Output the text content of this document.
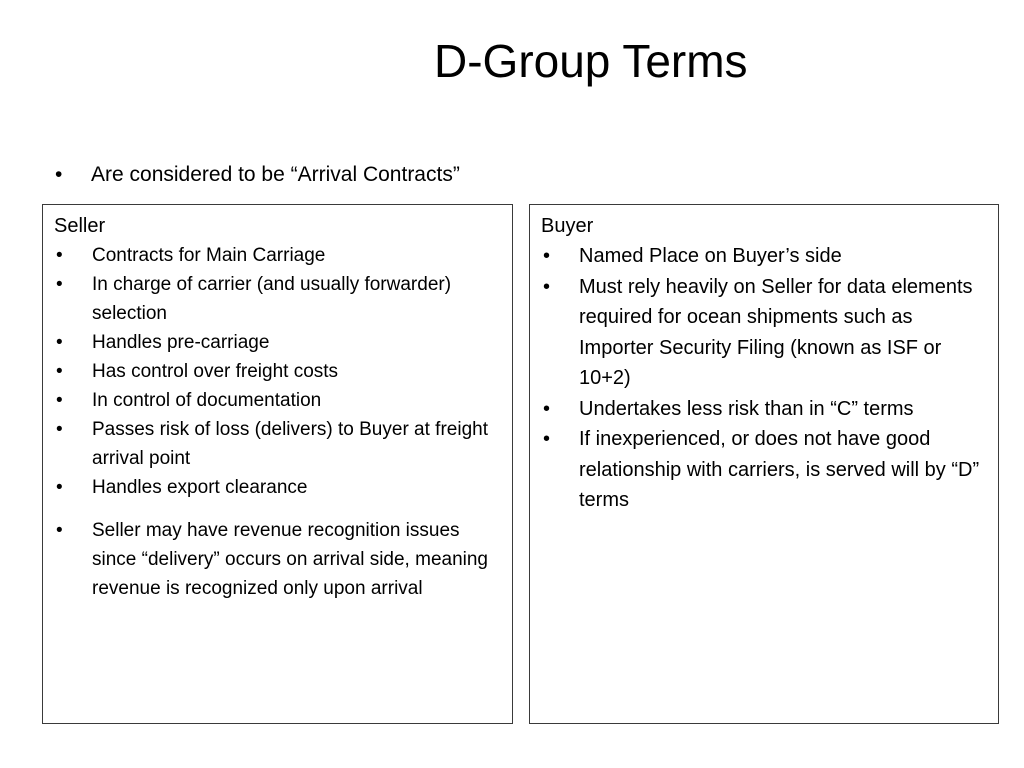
D-Group Terms
• Are considered to be “Arrival Contracts”
Seller
• Contracts for Main Carriage
• In charge of carrier (and usually forwarder) selection
• Handles pre-carriage
• Has control over freight costs
• In control of documentation
• Passes risk of loss (delivers) to Buyer at freight arrival point
• Handles export clearance
• Seller may have revenue recognition issues since “delivery” occurs on arrival side, meaning revenue is recognized only upon arrival
Buyer
• Named Place on Buyer’s side
• Must rely heavily on Seller for data elements required for ocean shipments such as Importer Security Filing (known as ISF or 10+2)
• Undertakes less risk than in “C” terms
• If inexperienced, or does not have good relationship with carriers, is served will by “D” terms
